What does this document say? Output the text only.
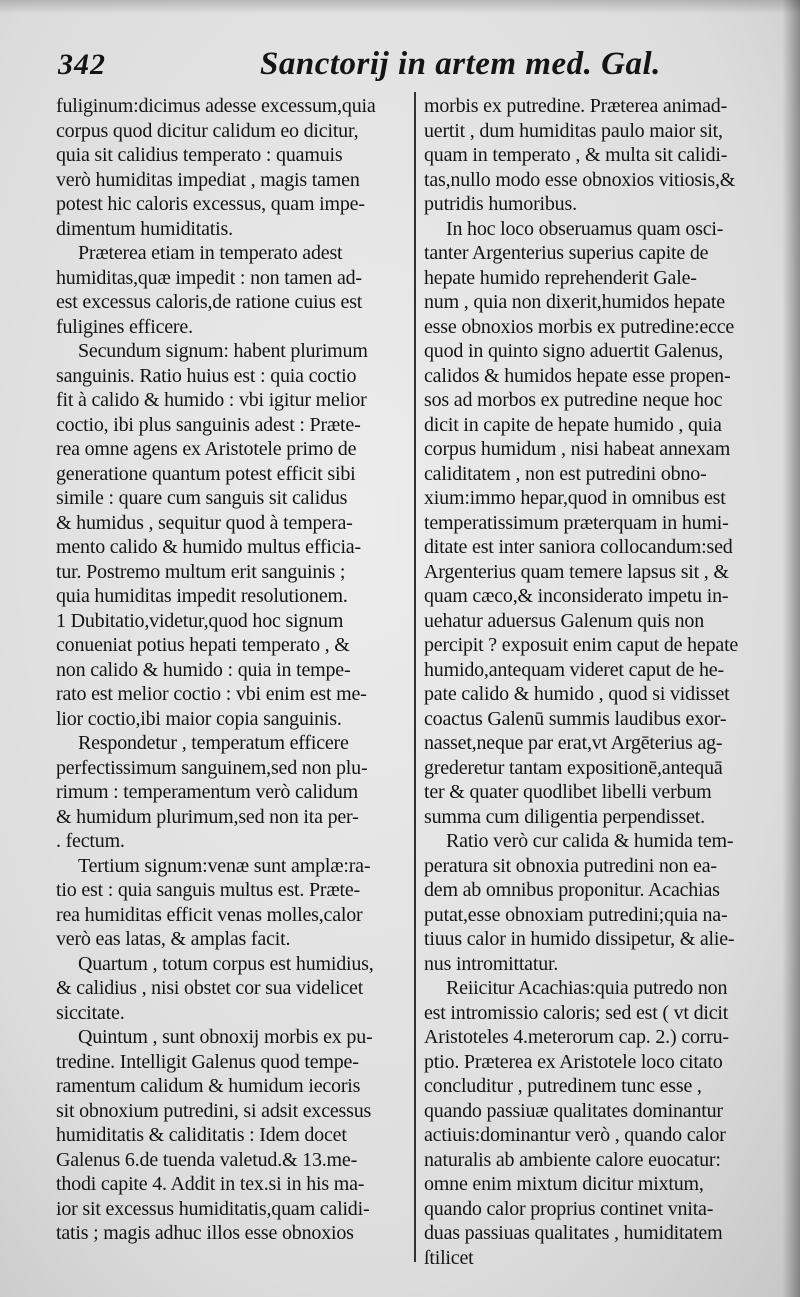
342	Sanctorij in artem med. Gal.
fuliginum:dicimus adesse excessum,quia
corpus quod dicitur calidum eo dicitur,
quia sit calidius temperato : quamuis
verò humiditas impediat , magis tamen
potest hic caloris excessus, quam impe-
dimentum humiditatis.
Præterea etiam in temperato adest
humiditas,quæ impedit : non tamen ad-
est excessus caloris,de ratione cuius est
fuligines efficere.
Secundum signum: habent plurimum
sanguinis. Ratio huius est : quia coctio
fit à calido & humido : vbi igitur melior
coctio, ibi plus sanguinis adest : Præte-
rea omne agens ex Aristotele primo de
generatione quantum potest efficit sibi
simile : quare cum sanguis sit calidus
& humidus , sequitur quod à tempera-
mento calido & humido multus efficia-
tur. Postremo multum erit sanguinis ;
quia humiditas impedit resolutionem.
1 Dubitatio,videtur,quod hoc signum
conueniat potius hepati temperato , &
non calido & humido : quia in tempe-
rato est melior coctio : vbi enim est me-
lior coctio,ibi maior copia sanguinis.
Respondetur , temperatum efficere
perfectissimum sanguinem,sed non plu-
rimum : temperamentum verò calidum
& humidum plurimum,sed non ita per-
. fectum.
Tertium signum:venæ sunt amplæ:ra-
tio est : quia sanguis multus est. Præte-
rea humiditas efficit venas molles,calor
verò eas latas, & amplas facit.
Quartum , totum corpus est humidius,
& calidius , nisi obstet cor sua videlicet
siccitate.
Quintum , sunt obnoxij morbis ex pu-
tredine. Intelligit Galenus quod tempe-
ramentum calidum & humidum iecoris
sit obnoxium putredini, si adsit excessus
humiditatis & caliditatis : Idem docet
Galenus 6.de tuenda valetud.& 13.me-
thodi capite 4. Addit in tex.si in his ma-
ior sit excessus humiditatis,quam calidi-
tatis ; magis adhuc illos esse obnoxios
morbis ex putredine. Præterea animad-
uertit , dum humiditas paulo maior sit,
quam in temperato , & multa sit calidi-
tas,nullo modo esse obnoxios vitiosis,&
putridis humoribus.
In hoc loco obseruamus quam osci-
tanter Argenterius superius capite de
hepate humido reprehenderit Gale-
num , quia non dixerit,humidos hepate
esse obnoxios morbis ex putredine:ecce
quod in quinto signo aduertit Galenus,
calidos & humidos hepate esse propen-
sos ad morbos ex putredine neque hoc
dicit in capite de hepate humido , quia
corpus humidum , nisi habeat annexam
caliditatem , non est putredini obno-
xium:immo hepar,quod in omnibus est
temperatissimum præterquam in humi-
ditate est inter saniora collocandum:sed
Argenterius quam temere lapsus sit , &
quam cæco,& inconsiderato impetu in-
uehatur aduersus Galenum quis non
percipit ? exposuit enim caput de hepate
humido,antequam videret caput de he-
pate calido & humido , quod si vidisset
coactus Galenū summis laudibus exor-
nasset,neque par erat,vt Argēterius ag-
grederetur tantam expositionē,antequā
ter & quater quodlibet libelli verbum
summa cum diligentia perpendisset.
Ratio verò cur calida & humida tem-
peratura sit obnoxia putredini non ea-
dem ab omnibus proponitur. Acachias
putat,esse obnoxiam putredini;quia na-
tiuus calor in humido dissipetur, & alie-
nus intromittatur.
Reiicitur Acachias:quia putredo non
est intromissio caloris; sed est ( vt dicit
Aristoteles 4.meterorum cap. 2.) corru-
ptio. Præterea ex Aristotele loco citato
concluditur , putredinem tunc esse ,
quando passiuæ qualitates dominantur
actiuis:dominantur verò , quando calor
naturalis ab ambiente calore euocatur:
omne enim mixtum dicitur mixtum,
quando calor proprius continet vnita-
duas passiuas qualitates , humiditatem
ſtilicet
